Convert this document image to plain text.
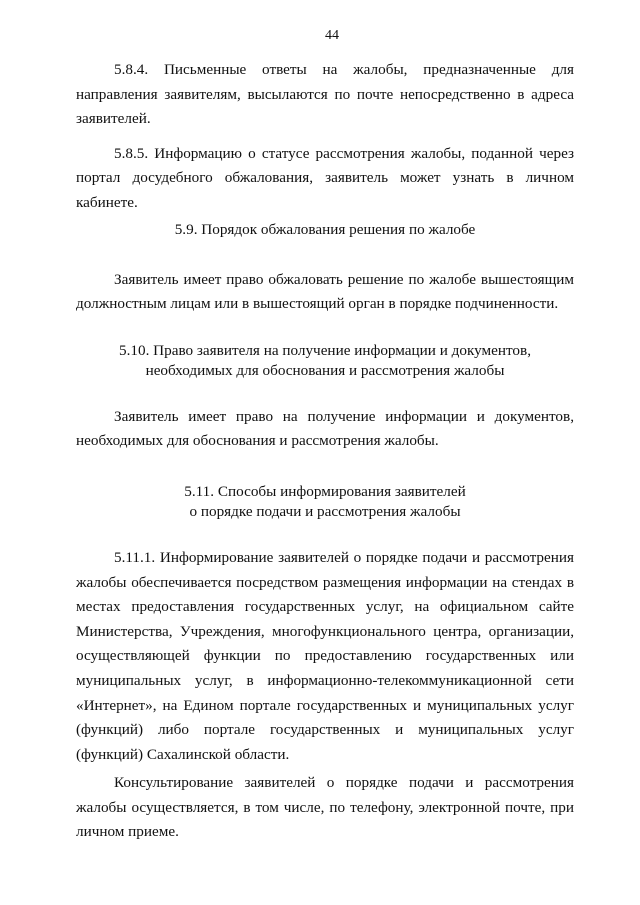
44

5.8.4. Письменные ответы на жалобы, предназначенные для направления заявителям, высылаются по почте непосредственно в адреса заявителей.

5.8.5. Информацию о статусе рассмотрения жалобы, поданной через портал досудебного обжалования, заявитель может узнать в личном кабинете.

5.9. Порядок обжалования решения по жалобе

Заявитель имеет право обжаловать решение по жалобе вышестоящим должностным лицам или в вышестоящий орган в порядке подчиненности.

5.10. Право заявителя на получение информации и документов,
необходимых для обоснования и рассмотрения жалобы

Заявитель имеет право на получение информации и документов, необходимых для обоснования и рассмотрения жалобы.

5.11. Способы информирования заявителей
о порядке подачи и рассмотрения жалобы

5.11.1. Информирование заявителей о порядке подачи и рассмотрения жалобы обеспечивается посредством размещения информации на стендах в местах предоставления государственных услуг, на официальном сайте Министерства, Учреждения, многофункционального центра, организации, осуществляющей функции по предоставлению государственных или муниципальных услуг, в информационно-телекоммуникационной сети «Интернет», на Едином портале государственных и муниципальных услуг (функций) либо портале государственных и муниципальных услуг (функций) Сахалинской области.

Консультирование заявителей о порядке подачи и рассмотрения жалобы осуществляется, в том числе, по телефону, электронной почте, при личном приеме.
